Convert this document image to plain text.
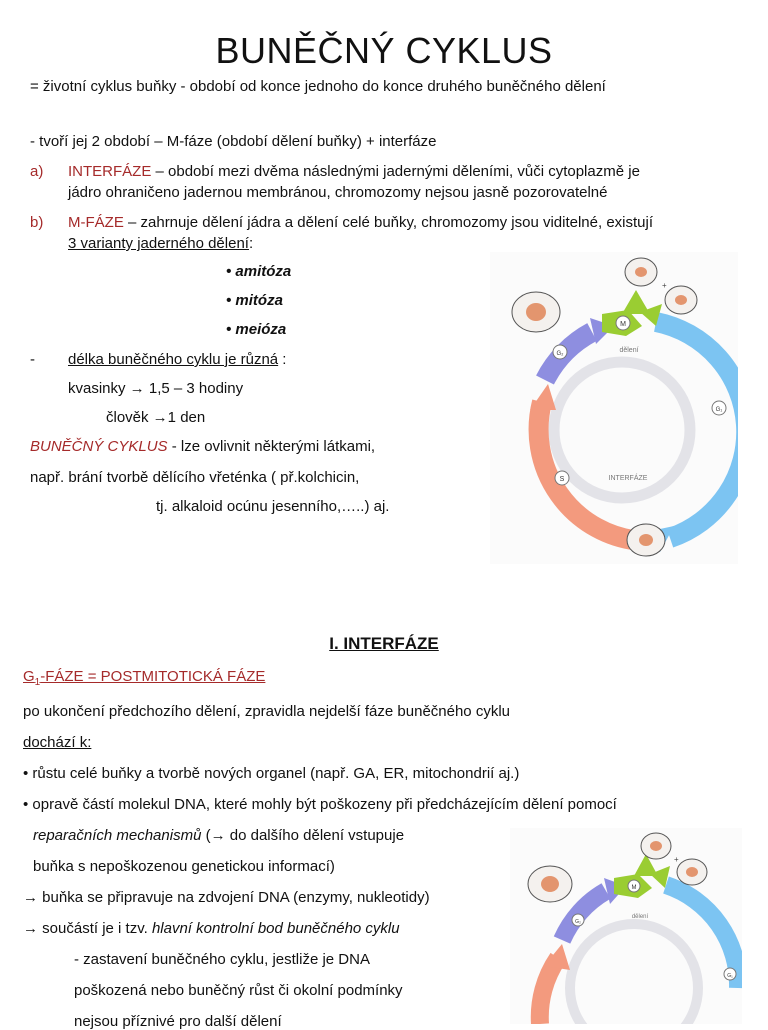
BUNĚČNÝ CYKLUS
= životní cyklus buňky - období od konce jednoho do konce druhého buněčného dělení
- tvoří jej 2 období – M-fáze (období dělení buňky) + interfáze
a) INTERFÁZE – období mezi dvěma následnými jadernými děleními, vůči cytoplazmě je
jádro ohraničeno jadernou membránou, chromozomy nejsou jasně pozorovatelné
b) M-FÁZE – zahrnuje dělení jádra a dělení celé buňky, chromozomy jsou viditelné, existují
3 varianty jaderného dělení:
• amitóza
• mitóza
• meióza
- délka buněčného cyklu je různá :
kvasinky → 1,5 – 3 hodiny
člověk →1 den
BUNĚČNÝ CYKLUS - lze ovlivnit některými látkami,
např. brání tvorbě dělícího vřeténka ( př.kolchicin,
tj. alkaloid ocúnu jesenního,…..) aj.
M
G₂
G₁
S
dělení
INTERFÁZE
+
I. INTERFÁZE
$G_1$-FÁZE = POSTMITOTICKÁ FÁZE
po ukončení předchozího dělení, zpravidla nejdelší fáze buněčného cyklu
dochází k:
• růstu celé buňky a tvorbě nových organel (např. GA, ER, mitochondrií aj.)
• opravě částí molekul DNA, které mohly být poškozeny při předcházejícím dělení pomocí
reparačních mechanismů (→ do dalšího dělení vstupuje
buňka s nepoškozenou genetickou informací)
→ buňka se připravuje na zdvojení DNA (enzymy, nukleotidy)
→ součástí je i tzv. hlavní kontrolní bod buněčného cyklu
- zastavení buněčného cyklu, jestliže je DNA
poškozená nebo buněčný růst či okolní podmínky
nejsou příznivé pro další dělení
M
G₂
G₁
dělení
+
